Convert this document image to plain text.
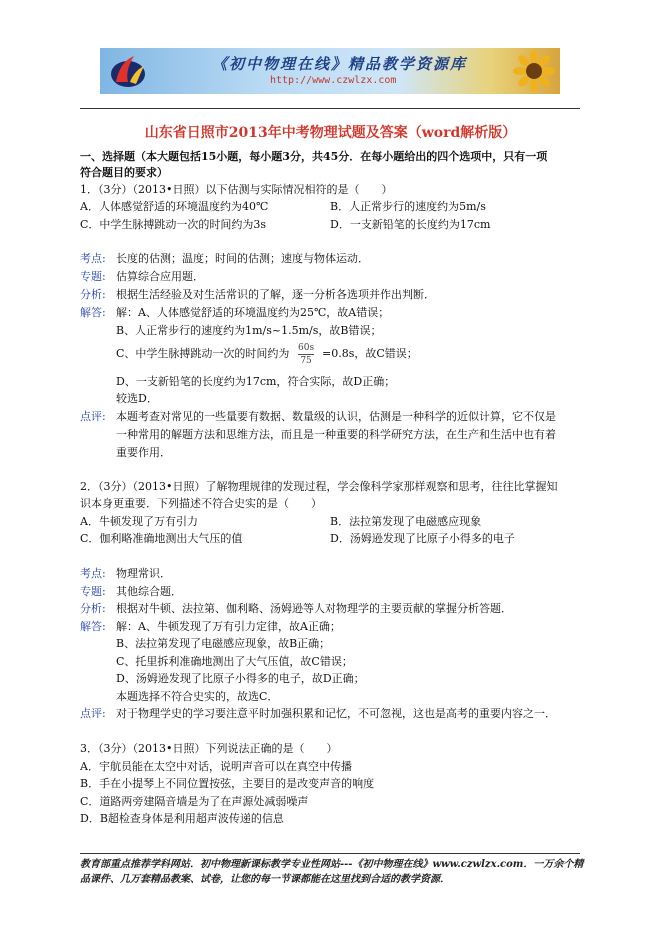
《初中物理在线》精品教学资源库
http://www.czwlzx.com
山东省日照市2013年中考物理试题及答案（word解析版）
一、选择题（本大题包括15小题，每小题3分，共45分．在每小题给出的四个选项中，只有一项
符合题目的要求）
1．（3分）（2013•日照）以下估测与实际情况相符的是（　　）
A．人体感觉舒适的环境温度约为40℃	B．人正常步行的速度约为5m/s
C．中学生脉搏跳动一次的时间约为3s	D．一支新铅笔的长度约为17cm
考点: 长度的估测；温度；时间的估测；速度与物体运动．
专题: 估算综合应用题．
分析: 根据生活经验及对生活常识的了解，逐一分析各选项并作出判断．
解答: 解：A、人体感觉舒适的环境温度约为25℃，故A错误；
B、人正常步行的速度约为1m/s~1.5m/s，故B错误；
C、中学生脉搏跳动一次的时间约为 60s
75
=0.8s，故C错误；
D、一支新铅笔的长度约为17cm，符合实际，故D正确；
较选D．
点评: 本题考查对常见的一些量要有数据、数量级的认识，估测是一种科学的近似计算，它不仅是
一种常用的解题方法和思维方法，而且是一种重要的科学研究方法，在生产和生活中也有着
重要作用．
2．（3分）（2013•日照）了解物理规律的发现过程，学会像科学家那样观察和思考，往往比掌握知
识本身更重要．下列描述不符合史实的是（　　）
A．牛顿发现了万有引力	B．法拉第发现了电磁感应现象
C．伽利略准确地测出大气压的值	D．汤姆逊发现了比原子小得多的电子
考点: 物理常识．
专题: 其他综合题．
分析: 根据对牛顿、法拉第、伽利略、汤姆逊等人对物理学的主要贡献的掌握分析答题．
解答: 解：A、牛顿发现了万有引力定律，故A正确；
B、法拉第发现了电磁感应现象，故B正确；
C、托里拆利准确地测出了大气压值，故C错误；
D、汤姆逊发现了比原子小得多的电子，故D正确；
本题选择不符合史实的，故选C．
点评: 对于物理学史的学习要注意平时加强积累和记忆，不可忽视，这也是高考的重要内容之一．
3．（3分）（2013•日照）下列说法正确的是（　　）
A．宇航员能在太空中对话，说明声音可以在真空中传播
B．手在小提琴上不同位置按弦，主要目的是改变声音的响度
C．道路两旁建隔音墙是为了在声源处减弱噪声
D．B超检查身体是利用超声波传递的信息
教育部重点推荐学科网站．初中物理新课标教学专业性网站---《初中物理在线》www.czwlzx.com．一万余个精品课件、几万套精品教案、试卷，让您的每一节课都能在这里找到合适的教学资源．
